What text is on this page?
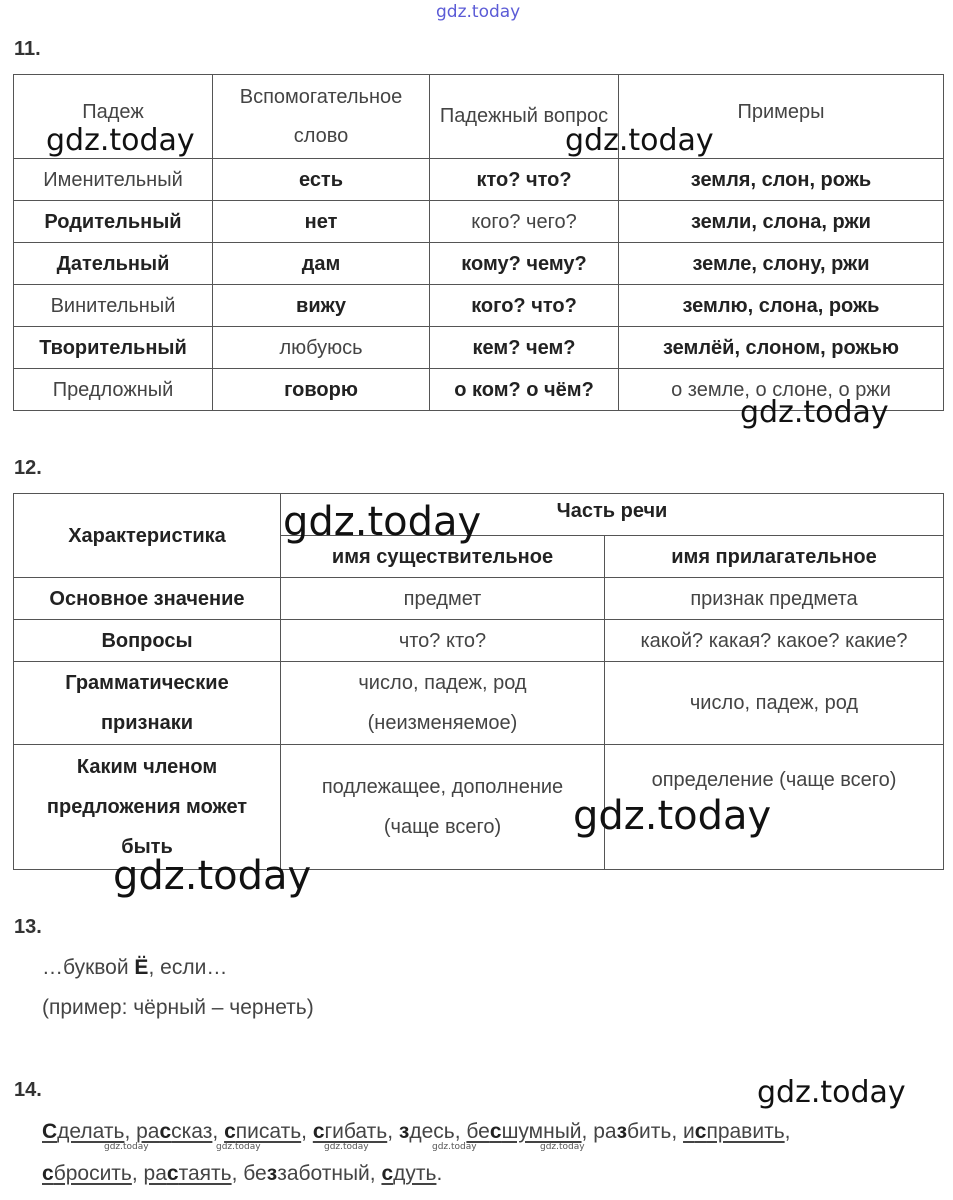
gdz.today
11.
Падеж	Вспомогательное слово	Падежный вопрос	Примеры
Именительный	есть	кто? что?	земля, слон, рожь
Родительный	нет	кого? чего?	земли, слона, ржи
Дательный	дам	кому? чему?	земле, слону, ржи
Винительный	вижу	кого? что?	землю, слона, рожь
Творительный	любуюсь	кем? чем?	землёй, слоном, рожью
Предложный	говорю	о ком? о чём?	о земле, о слоне, о ржи
gdz.today	gdz.today
gdz.today
12.
Характеристика	Часть речи	
	имя существительное	имя прилагательное
Основное значение	предмет	признак предмета
Вопросы	что? кто?	какой? какая? какое? какие?
Грамматические признаки	число, падеж, род (неизменяемое)	число, падеж, род
Каким членом предложения может быть	подлежащее, дополнение (чаще всего)	определение (чаще всего)
gdz.today
gdz.today
gdz.today
13.
…буквой Ё, если…
(пример: чёрный – чернеть)
14.	gdz.today
Сделать, рассказ, списать, сгибать, здесь, бесшумный, разбить, исправить,
сбросить, растаять, беззаботный, сдуть.
gdz.today	gdz.today	gdz.today	gdz.today	gdz.today
